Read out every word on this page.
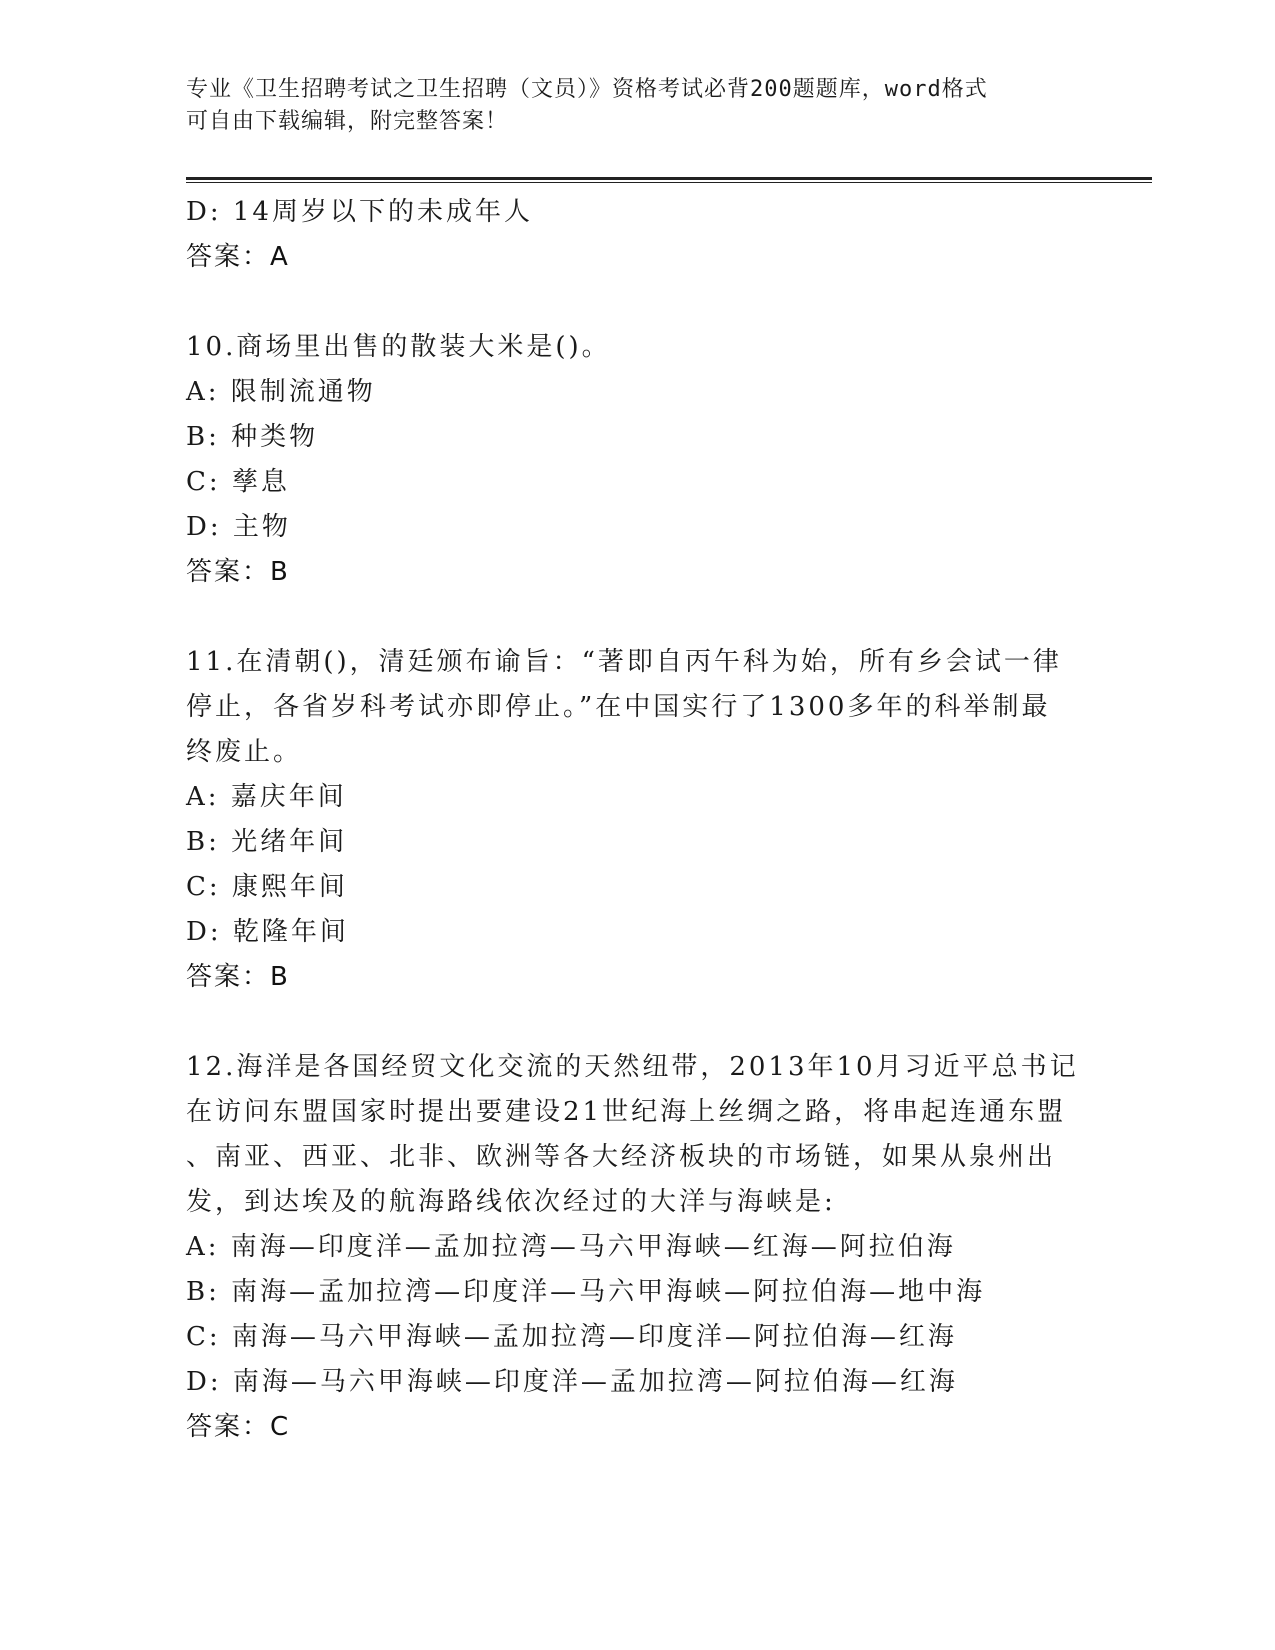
专业《卫生招聘考试之卫生招聘（文员）》资格考试必背200题题库，word格式
可自由下载编辑，附完整答案！
D: 14周岁以下的未成年人
答案：A
10.商场里出售的散装大米是()。
A: 限制流通物
B: 种类物
C: 孳息
D: 主物
答案：B
11.在清朝()，清廷颁布谕旨：“著即自丙午科为始，所有乡会试一律
停止，各省岁科考试亦即停止。”在中国实行了1300多年的科举制最
终废止。
A: 嘉庆年间
B: 光绪年间
C: 康熙年间
D: 乾隆年间
答案：B
12.海洋是各国经贸文化交流的天然纽带，2013年10月习近平总书记
在访问东盟国家时提出要建设21世纪海上丝绸之路，将串起连通东盟
、南亚、西亚、北非、欧洲等各大经济板块的市场链，如果从泉州出
发，到达埃及的航海路线依次经过的大洋与海峡是:
A: 南海—印度洋—孟加拉湾—马六甲海峡—红海—阿拉伯海
B: 南海—孟加拉湾—印度洋—马六甲海峡—阿拉伯海—地中海
C: 南海—马六甲海峡—孟加拉湾—印度洋—阿拉伯海—红海
D: 南海—马六甲海峡—印度洋—孟加拉湾—阿拉伯海—红海
答案：C
